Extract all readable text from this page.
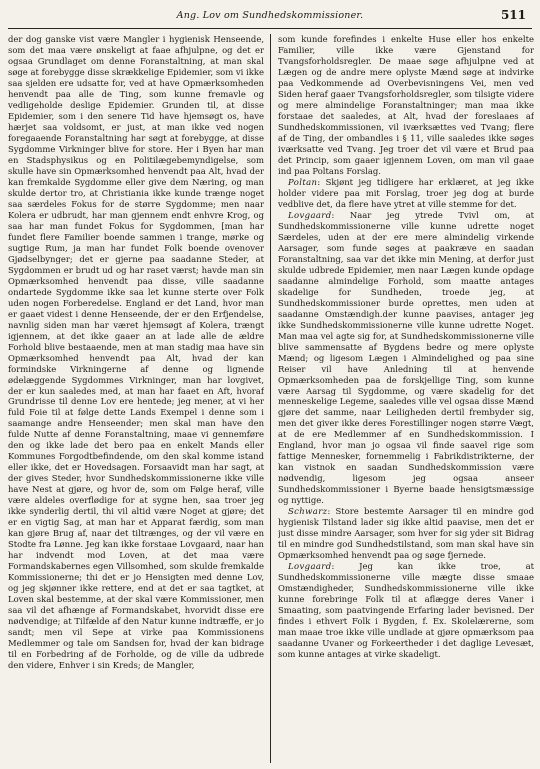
Ang. Lov om Sundhedskommissioner.	511

der dog ganske vist være Mangler i hygienisk Henseende, som det maa være ønskeligt at faae afhjulpne, og det er ogsaa Grundlaget om denne Foranstaltning, at man skal søge at forebygge disse skrækkelige Epidemier, som vi ikke saa sjelden ere udsatte for, ved at have Opmærksomheden henvendt paa alle de Ting, som kunne fremavle og vedligeholde deslige Epidemier. Grunden til, at disse Epidemier, som i den senere Tid have hjemsøgt os, have hærjet saa voldsomt, er just, at man ikke ved nogen foregaaende Foranstaltning har søgt at forebygge, at disse Sygdomme Virkninger blive for store. Her i Byen har man en Stadsphysikus og en Politilægebemyndigelse, som skulle have sin Opmærksomhed henvendt paa Alt, hvad der kan fremkalde Sygdomme eller give dem Næring, og man skulde dertor tro, at Christiania ikke kunde trænge noget saa særdeles Fokus for de større Sygdomme; men naar Kolera er udbrudt, har man gjennem endt enhvre Krog, og saa har man fundet Fokus for Sygdommen, [man har fundet flere Familier boende sammen i trange, mørke og sugtige Rum, ja man har fundet Folk boende ovenover Gjødselbynger; det er gjerne paa saadanne Steder, at Sygdommen er brudt ud og har raset værst; havde man sin Opmærksomhed henvendt paa disse, ville saadanne ondartede Sygdomme ikke saa let kunne sterte over Folk uden nogen Forberedelse. England er det Land, hvor man er gaaet videst i denne Henseende, der er den Erfjendelse, navnlig siden man har været hjemsøgt af Kolera, trængt igjennem, at det ikke gaaer an at lade alle de ældre Forhold blive bestaaende, men at man stadig maa have sin Opmærksomhed henvendt paa Alt, hvad der kan formindske Virkningerne af denne og lignende ødelæggende Sygdommes Virkninger, man har lovgivet, der er kun saaledes med, at man har faaet en Aft, hvoraf Grundrisse til denne Lov ere hentede; jeg mener, at vi her fuld Foie til at følge dette Lands Exempel i denne som i saamange andre Henseender; men skal man have den fulde Nutte af denne Foranstaltning, maae vi gennemføre den og ikke lade det bero paa en enkelt Mands eller Kommunes Forgodtbefindende, om den skal komme istand eller ikke, det er Hovedsagen. Forsaavidt man har sagt, at der gives Steder, hvor Sundhedskommissionerne ikke ville have Nest at gjøre, og hvor de, som om Følge heraf, ville være aldeles overflødige for at sygne hen, saa troer jeg ikke synderlig dertil, thi vil altid være Noget at gjøre; det er en vigtig Sag, at man har et Apparat færdig, som man kan gjøre Brug af, naar det tiltrænges, og der vil være en Stodte fra Lønne. Jeg kan ikke forstaae Lovgaard, naar han har indvendt mod Loven, at det maa være Formandskabernes egen Villsomhed, som skulde fremkalde Kommissionerne; thi det er jo Hensigten med denne Lov, og jeg skjønner ikke rettere, end at det er saa tagtket, at Loven skal bestemme, at der skal være Kommissioner, men saa vil det afhænge af Formandskabet, hvorvidt disse ere nødvendige; at Tilfælde af den Natur kunne indtræffe, er jo sandt; men vil Sepe at virke paa Kommissionens Medlemmer og tale om Sandsen for, hvad der kan bidrage til en Forbedring af de Forholde, og de ville da udbrede den videre, Enhver i sin Kreds; de Mangler,

som kunde forefindes i enkelte Huse eller hos enkelte Familier, ville ikke være Gjenstand for Tvangsforholdsregler. De maae søge afhjulpne ved at Lægen og de andre mere oplyste Mænd søge at indvirke paa Vedkommende ad Overbevisningens Vei, men ved Siden heraf gaaer Tvangsforholdsregler, som tilsigte videre og mere almindelige Foranstaltninger; man maa ikke forstaae det saaledes, at Alt, hvad der foreslaaes af Sundhedskommissionen, vil iværksættes ved Tvang; flere af de Ting, der ombandles i § 11, ville saaledes ikke søges iværksatte ved Tvang. Jeg troer det vil være et Brud paa det Princip, som gaaer igjennem Loven, om man vil gaae ind paa Poltans Forslag.

Poltan: Skjønt jeg tidligere har erklæret, at jeg ikke holder videre paa mit Forslag, troer jeg dog at burde vedblive det, da flere have ytret at ville stemme for det.

Lovgaard: Naar jeg ytrede Tvivl om, at Sundhedskommissionerne ville kunne udrette noget Særdeles, uden at der ere mere almindelig virkende Aarsager, som funde søges at paakræve en saadan Foranstaltning, saa var det ikke min Mening, at derfor just skulde udbrede Epidemier, men naar Lægen kunde opdage saadanne almindelige Forhold, som maatte antages skadelige for Sundheden, troede jeg, at Sundhedskommissioner burde oprettes, men uden at saadanne Omstændigh.der kunne paavises, antager jeg ikke Sundhedskommissionerne ville kunne udrette Noget. Man maa vel agte sig for, at Sundhedskommissionerne ville blive sammensatte af Bygdens bedre og mere oplyste Mænd; og ligesom Lægen i Almindelighed og paa sine Reiser vil have Anledning til at henvende Opmærksomheden paa de forskjellige Ting, som kunne være Aarsag til Sygdomme, og være skadelig for det menneskelige Legeme, saaledes ville vel ogsaa disse Mænd gjøre det samme, naar Leiligheden dertil frembyder sig, men det giver ikke deres Forestillinger nogen større Vægt, at de ere Medlemmer af en Sundhedskommission. I England, hvor man jo ogsaa vil finde saavel rige som fattige Mennesker, fornemmelig i Fabrikdistrikterne, der kan vistnok en saadan Sundhedskommission være nødvendig, ligesom jeg ogsaa anseer Sundhedskommissioner i Byerne baade hensigtsmæssige og nyttige.

Schwarz: Store bestemte Aarsager til en mindre god hygienisk Tilstand lader sig ikke altid paavise, men det er just disse mindre Aarsager, som hver for sig yder sit Bidrag til en mindre god Sundhedstilstand, som man skal have sin Opmærksomhed henvendt paa og søge fjernede.

Lovgaard: Jeg kan ikke troe, at Sundhedskommissionerne ville mægte disse smaae Omstændigheder, Sundhedskommissionerne ville ikke kunne forebringe Folk til at aflægge deres Vaner i Smaating, som paatvingende Erfaring lader bevisned. Der findes i ethvert Folk i Bygden, f. Ex. Skolelærerne, som man maae troe ikke ville undlade at gjøre opmærksom paa saadanne Uvaner og Forkeertheder i det daglige Levesæt, som kunne antages at virke skadeligt.
